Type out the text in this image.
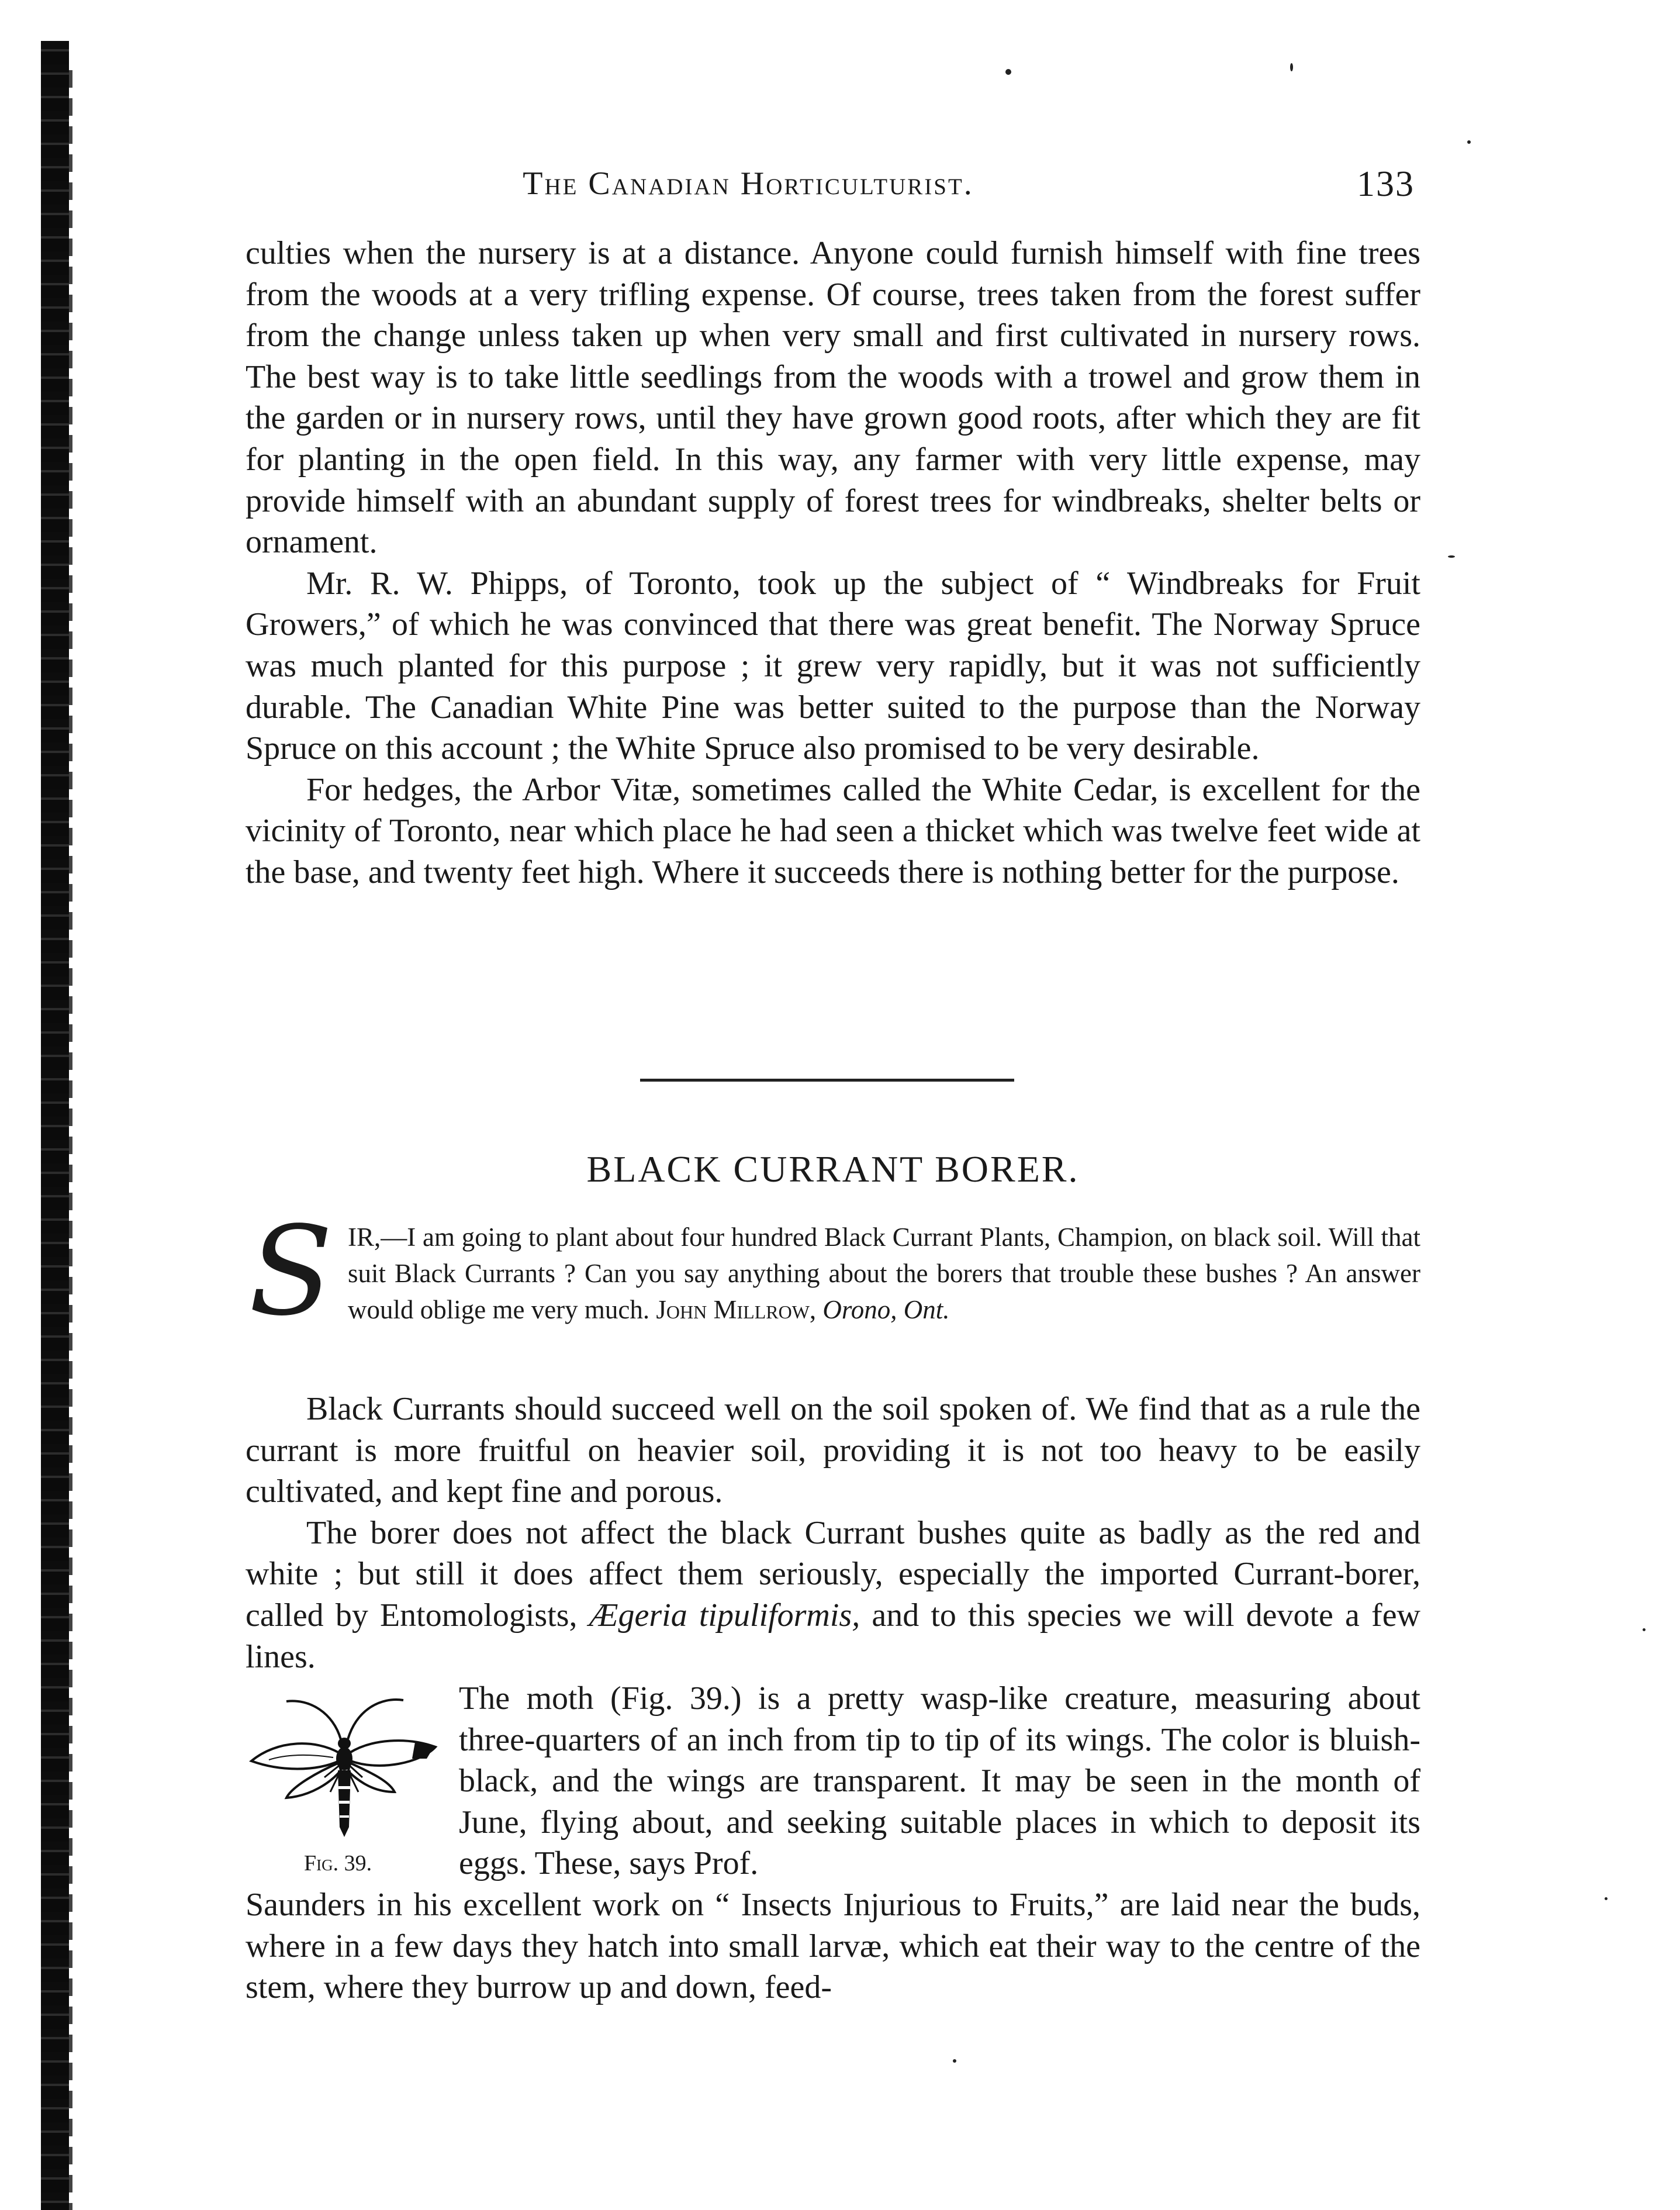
The Canadian Horticulturist.	133

culties when the nursery is at a distance. Anyone could furnish himself with fine trees from the woods at a very trifling expense. Of course, trees taken from the forest suffer from the change unless taken up when very small and first cultivated in nursery rows. The best way is to take little seedlings from the woods with a trowel and grow them in the garden or in nursery rows, until they have grown good roots, after which they are fit for planting in the open field. In this way, any farmer with very little expense, may provide himself with an abundant supply of forest trees for windbreaks, shelter belts or ornament.

Mr. R. W. Phipps, of Toronto, took up the subject of “ Windbreaks for Fruit Growers,” of which he was convinced that there was great benefit. The Norway Spruce was much planted for this purpose ; it grew very rapidly, but it was not sufficiently durable. The Canadian White Pine was better suited to the purpose than the Norway Spruce on this account ; the White Spruce also promised to be very desirable.

For hedges, the Arbor Vitæ, sometimes called the White Cedar, is excellent for the vicinity of Toronto, near which place he had seen a thicket which was twelve feet wide at the base, and twenty feet high. Where it succeeds there is nothing better for the purpose.

BLACK CURRANT BORER.
S IR,—I am going to plant about four hundred Black Currant Plants, Champion, on black soil. Will that suit Black Currants ? Can you say anything about the borers that trouble these bushes ? An answer would oblige me very much. John Millrow, Orono, Ont.

Black Currants should succeed well on the soil spoken of. We find that as a rule the currant is more fruitful on heavier soil, providing it is not too heavy to be easily cultivated, and kept fine and porous.

The borer does not affect the black Currant bushes quite as badly as the red and white ; but still it does affect them seriously, especially the imported Currant-borer, called by Entomologists, Ægeria tipuliformis, and to this species we will devote a few lines.

Fig. 39.

The moth (Fig. 39.) is a pretty wasp-like creature, measuring about three-quarters of an inch from tip to tip of its wings. The color is bluish-black, and the wings are transparent. It may be seen in the month of June, flying about, and seeking suitable places in which to deposit its eggs. These, says Prof.

Saunders in his excellent work on “ Insects Injurious to Fruits,” are laid near the buds, where in a few days they hatch into small larvæ, which eat their way to the centre of the stem, where they burrow up and down, feed-
